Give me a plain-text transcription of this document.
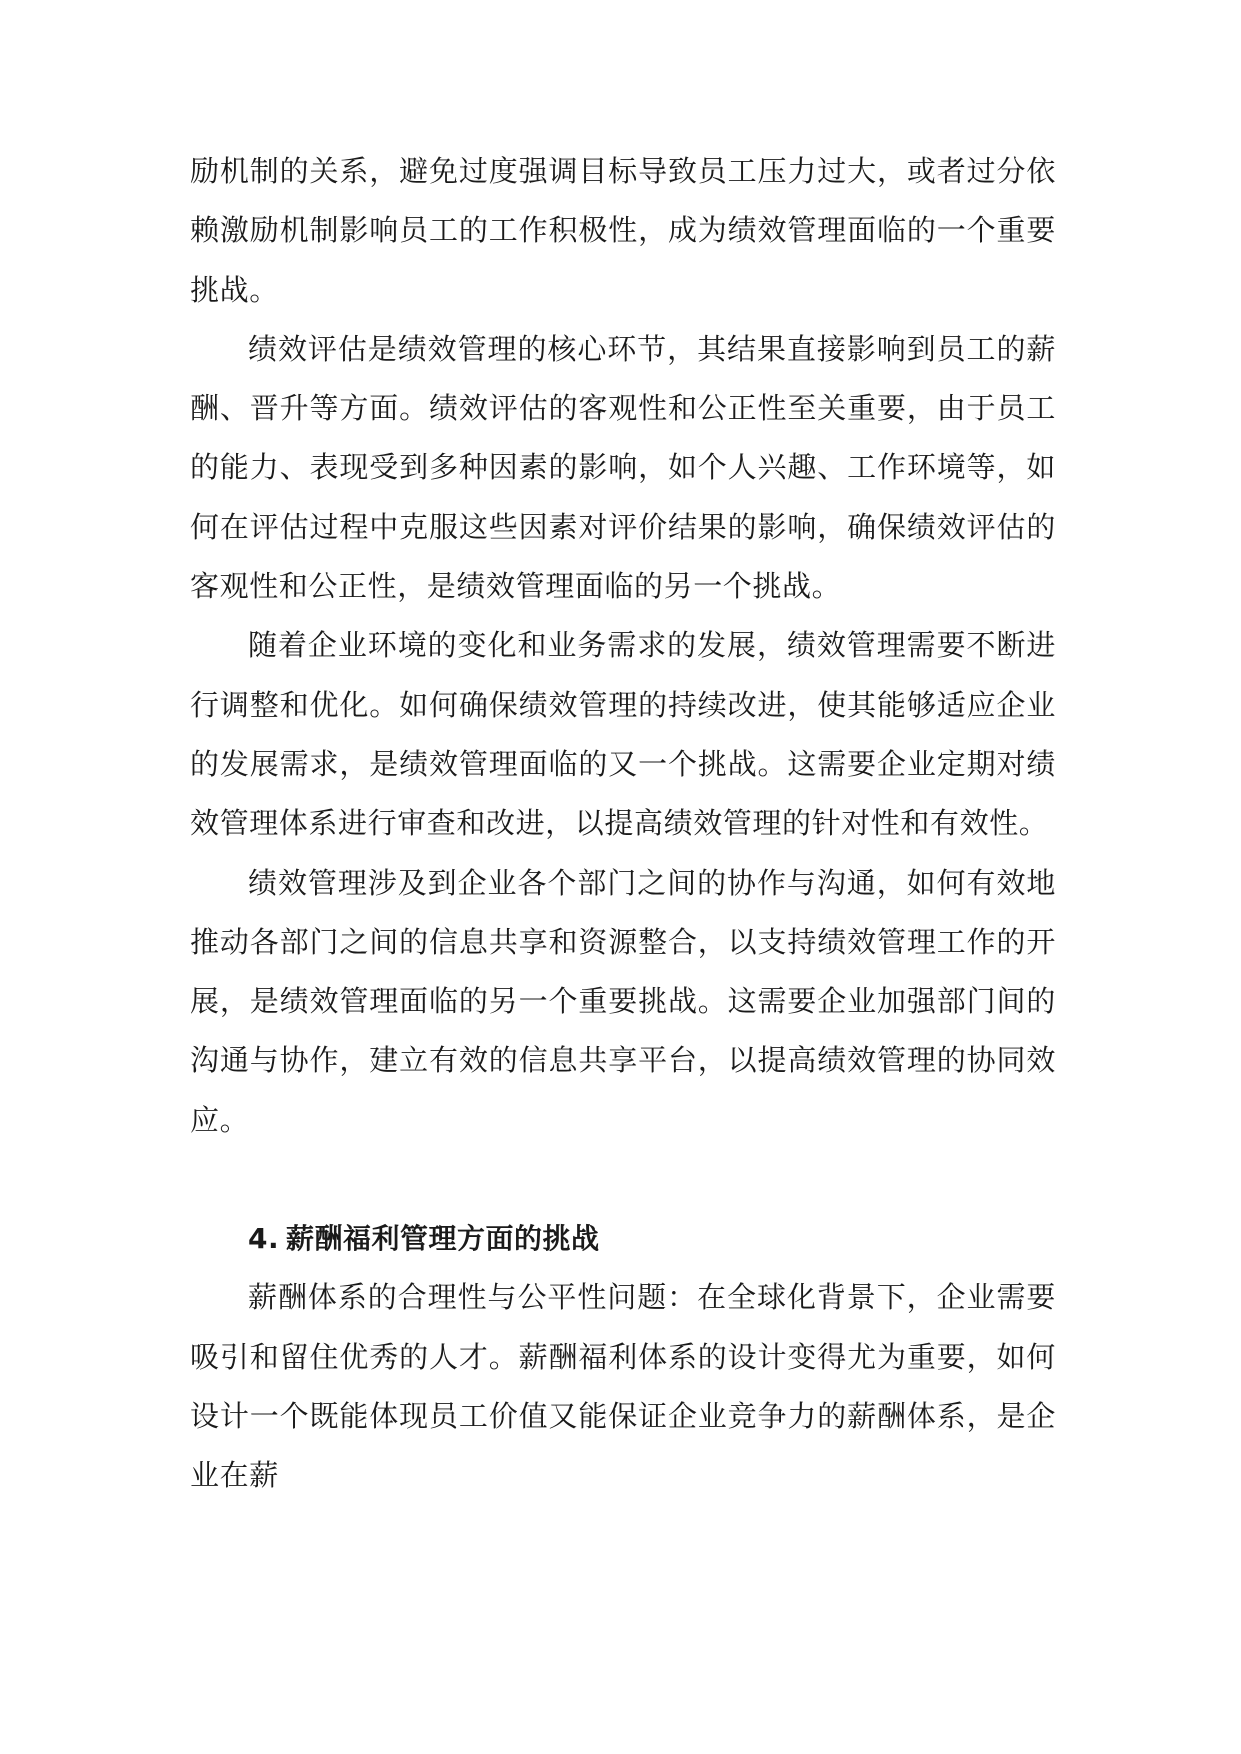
励机制的关系，避免过度强调目标导致员工压力过大，或者过分依赖激励机制影响员工的工作积极性，成为绩效管理面临的一个重要挑战。

绩效评估是绩效管理的核心环节，其结果直接影响到员工的薪酬、晋升等方面。绩效评估的客观性和公正性至关重要，由于员工的能力、表现受到多种因素的影响，如个人兴趣、工作环境等，如何在评估过程中克服这些因素对评价结果的影响，确保绩效评估的客观性和公正性，是绩效管理面临的另一个挑战。

随着企业环境的变化和业务需求的发展，绩效管理需要不断进行调整和优化。如何确保绩效管理的持续改进，使其能够适应企业的发展需求，是绩效管理面临的又一个挑战。这需要企业定期对绩效管理体系进行审查和改进，以提高绩效管理的针对性和有效性。

绩效管理涉及到企业各个部门之间的协作与沟通，如何有效地推动各部门之间的信息共享和资源整合，以支持绩效管理工作的开展，是绩效管理面临的另一个重要挑战。这需要企业加强部门间的沟通与协作，建立有效的信息共享平台，以提高绩效管理的协同效应。

4. 薪酬福利管理方面的挑战

薪酬体系的合理性与公平性问题：在全球化背景下，企业需要吸引和留住优秀的人才。薪酬福利体系的设计变得尤为重要，如何设计一个既能体现员工价值又能保证企业竞争力的薪酬体系，是企业在薪
